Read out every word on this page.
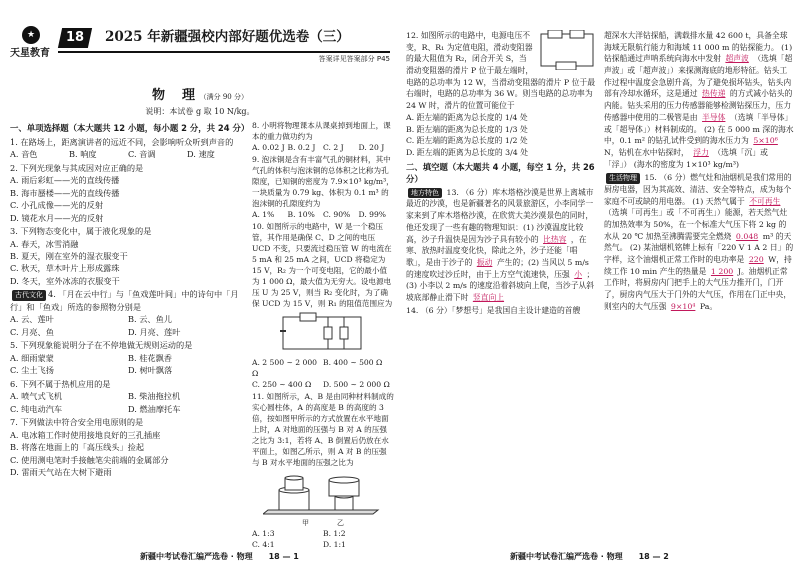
★
天星教育
18	2025 年新疆强校内部好题优选卷（三）
答案详见答案部分 P45
物　理 （满分 90 分）
说明：本试卷 g 取 10 N/kg。
一、单项选择题（本大题共 12 小题，每小题 2 分，共 24 分）
1. 在路场上，距离演讲者的远近不同，会影响听众听到声音的
A. 音色	B. 响度	C. 音调	D. 速度
2. 下列光现象与其成因对应正确的是
A. 雨后彩虹——光的直线传播
B. 海市蜃楼——光的直线传播
C. 小孔成像——光的反射
D. 镜花水月——光的反射
3. 下列物态变化中，属于液化现象的是
A. 春天，冰雪消融
B. 夏天，刚在室外的湿衣服变干
C. 秋天，草木叶片上形成露珠
D. 冬天，室外冰冻的衣服变干
古代文化 4. 「月在云中行」与「鱼戏莲叶间」中的诗句中「月行」和「鱼戏」所选的参照物分别是
A. 云、莲叶	B. 云、鱼儿
C. 月亮、鱼	D. 月亮、莲叶
5. 下列现象能说明分子在不停地做无规则运动的是
A. 细雨蒙蒙	B. 桂花飘香
C. 尘土飞扬	D. 树叶飘落
6. 下列不属于热机应用的是
A. 喷气式飞机	B. 柴油拖拉机
C. 纯电动汽车	D. 燃油摩托车
7. 下列做法中符合安全用电原则的是
A. 电冰箱工作时使用接地良好的三孔插座
B. 将落在地面上的「高压线头」捡起
C. 使用测电笔时手接触笔尖前端的金属部分
D. 雷雨天气站在大树下避雨
8. 小明将物理课本从课桌掉到地面上，课本的重力做功约为
A. 0.02 J B. 0.2 J C. 2 J	D. 20 J
9. 泡沫铜是含有丰富气孔的铜材料，其中气孔的体积与泡沫铜的总体积之比称为孔隙度，已知铜的密度为 7.9×10³ kg/m³，一块质量为 0.79 kg、体积为 0.1 m³ 的泡沫铜的孔隙度约为
A. 1%	B. 10%	C. 90%	D. 99%
10. 如图所示的电路中，W 是一个稳压管，其作用是确保 C、D 之间的电压 UCD 不变，只要流过稳压管 W 的电流在 5 mA 和 25 mA 之间，UCD 将稳定为 15 V，R₂ 为一个可变电阻，它的最小值为 1 000 Ω，最大值为无穷大。设电源电压 U 为 25 V，则当 R₂ 变化时，为了确保 UCD 为 15 V，则 R₁ 的阻值范围应为
A. 2 500 ~ 2 000 Ω
B. 400 ~ 500 Ω
C. 250 ~ 400 Ω	D. 500 ~ 2 000 Ω
11. 如图所示，A、B 是由同种材料制成的实心圆柱体，A 的高度是 B 的高度的 3 倍，按如图甲所示的方式放置在水平地面上时，A 对地面的压强与 B 对 A 的压强之比为 3:1，若将 A、B 倒置后仍放在水平面上，如图乙所示，则 A 对 B 的压强与 B 对水平地面的压强之比为
甲　　　　乙
A. 1:3	B. 1:2
C. 4:1	D. 1:1
新疆中考试卷汇编严选卷 · 物理　　18 — 1
12. 如图所示的电路中，电源电压不变，R、R₁ 为定值电阻，滑动变阻器的最大阻值为 R₂，闭合开关 S，当滑动变阻器的滑片 P 位于最左端时，电路的总功率为 12 W，当滑动变阻器的滑片 P 位于最右端时，电路的总功率为 36 W。则当电路的总功率为 24 W 时，滑片的位置可能位于
A. 距左端的距离为总长度的 1/4 处
B. 距左端的距离为总长度的 1/3 处
C. 距左端的距离为总长度的 1/2 处
D. 距左端的距离为总长度的 3/4 处
二、填空题（本大题共 4 小题，每空 1 分，共 26 分）
地方特色 13. （6 分）库木塔格沙漠是世界上离城市最近的沙漠，也是新疆著名的风景旅游区，小李同学一家来到了库木塔格沙漠，在欣赏大美沙漠景色的同时，他还发现了一些有趣的物理知识：(1) 沙漠温度比较高，沙子升温快是因为沙子具有较小的 比热容 ，在寒、放热时温度变化快，除此之外，沙子还能「唱歌」，是由于沙子的 振动 产生的；(2) 当风以 5 m/s 的速度吹过沙丘时，由于上方空气流速快，压强 小 ；(3) 小李以 2 m/s 的速度沿着斜坡向上爬，当沙子从斜坡底部静止滑下时 竖直向上
14. （6 分）「梦想号」是我国自主设计建造的首艘
超深水大洋钻探船，满载排水量 42 600 t，具备全球海域无限航行能力和海域 11 000 m 的钻探能力。 (1) 钻探船通过声呐系统向海水中发射 超声波 （选填「超声波」或「超声波」）来探测海底的地形特征。钻头工作过程中温度会急剧升高，为了避免损坏钻头，钻头内部有冷却水循环，这是通过 热传递 的方式减小钻头的内能。钻头采用的压力传感器能够检测钻探压力，压力传感器中使用的二极管是由 半导体 （选填「半导体」或「超导体」）材料制成的。 (2) 在 5 000 m 深的海水中，0.1 m² 的钻孔试件受到的海水压力为 5×10⁶ N，钻机在水中钻探时， 浮力 （选填「沉」或「浮」） (海水的密度为 1×10³ kg/m³)
生活物理 15. （6 分）燃气灶和油烟机是我们常用的厨房电器，因为其高效、清洁、安全等特点，成为每个家庭不可或缺的用电器。 (1) 天然气属于 不可再生 （选填「可再生」或「不可再生」）能源，若天然气灶的加热效率为 50%，在一个标准大气压下将 2 kg 的水从 20 ℃ 加热至沸腾需要完全燃烧 0.048 m³ 的天然气。 (2) 某油烟机铭牌上标有「220 V 1 A 2 日」的字样，这个油烟机正常工作时的电功率是 220 W，持续工作 10 min 产生的热量是 1 200 J。油烟机正常工作时，将厨房内门把手上的大气压力推开门，门开了，厨房内气压大于门外的大气压，作用在门正中央，则室内的大气压强 9×10⁴ Pa。
新疆中考试卷汇编严选卷 · 物理　　18 — 2
